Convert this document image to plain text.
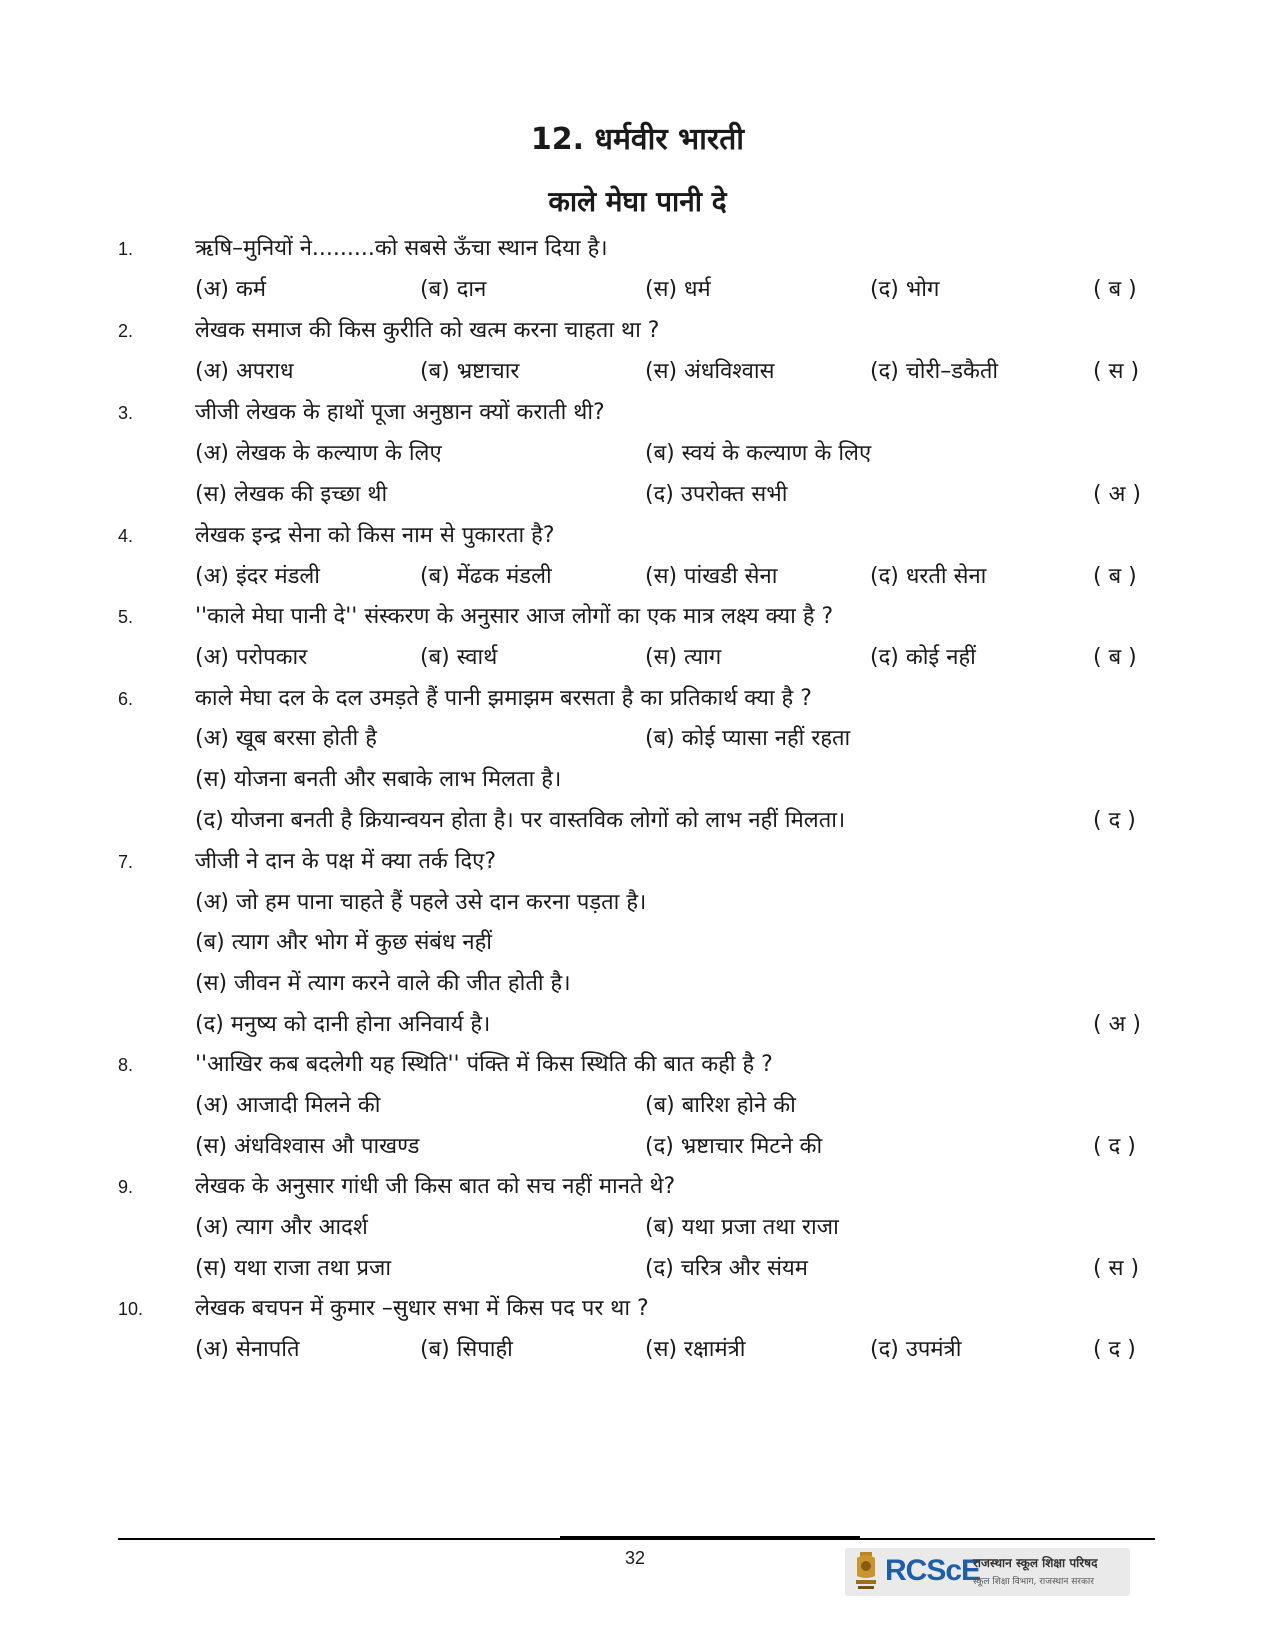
12. धर्मवीर भारती
काले मेघा पानी दे
1.	ऋषि–मुनियों ने.........को सबसे ऊँचा स्थान दिया है।
(अ) कर्म	(ब) दान	(स) धर्म	(द) भोग	( ब )
2.	लेखक समाज की किस कुरीति को खत्म करना चाहता था ?
(अ) अपराध	(ब) भ्रष्टाचार	(स) अंधविश्वास	(द) चोरी–डकैती	( स )
3.	जीजी लेखक के हाथों पूजा अनुष्ठान क्यों कराती थी?
(अ) लेखक के कल्याण के लिए	(ब) स्वयं के कल्याण के लिए
(स) लेखक की इच्छा थी	(द) उपरोक्त सभी	( अ )
4.	लेखक इन्द्र सेना को किस नाम से पुकारता है?
(अ) इंदर मंडली	(ब) मेंढक मंडली	(स) पांखडी सेना	(द) धरती सेना	( ब )
5.	''काले मेघा पानी दे'' संस्करण के अनुसार आज लोगों का एक मात्र लक्ष्य क्या है ?
(अ) परोपकार	(ब) स्वार्थ	(स) त्याग	(द) कोई नहीं	( ब )
6.	काले मेघा दल के दल उमड़ते हैं पानी झमाझम बरसता है का प्रतिकार्थ क्या है ?
(अ) खूब बरसा होती है	(ब) कोई प्यासा नहीं रहता
(स) योजना बनती और सबाके लाभ मिलता है।
(द) योजना बनती है क्रियान्वयन होता है। पर वास्तविक लोगों को लाभ नहीं मिलता।	( द )
7.	जीजी ने दान के पक्ष में क्या तर्क दिए?
(अ) जो हम पाना चाहते हैं पहले उसे दान करना पड़ता है।
(ब) त्याग और भोग में कुछ संबंध नहीं
(स) जीवन में त्याग करने वाले की जीत होती है।
(द) मनुष्य को दानी होना अनिवार्य है।	( अ )
8.	''आखिर कब बदलेगी यह स्थिति'' पंक्ति में किस स्थिति की बात कही है ?
(अ) आजादी मिलने की	(ब) बारिश होने की
(स) अंधविश्वास औ पाखण्ड	(द) भ्रष्टाचार मिटने की	( द )
9.	लेखक के अनुसार गांधी जी किस बात को सच नहीं मानते थे?
(अ) त्याग और आदर्श	(ब) यथा प्रजा तथा राजा
(स) यथा राजा तथा प्रजा	(द) चरित्र और संयम	( स )
10. लेखक बचपन में कुमार –सुधार सभा में किस पद पर था ?
(अ) सेनापति	(ब) सिपाही	(स) रक्षामंत्री	(द) उपमंत्री	( द )
32	RCScE
राजस्थान स्कूल शिक्षा परिषद
स्कूल शिक्षा विभाग, राजस्थान सरकार
